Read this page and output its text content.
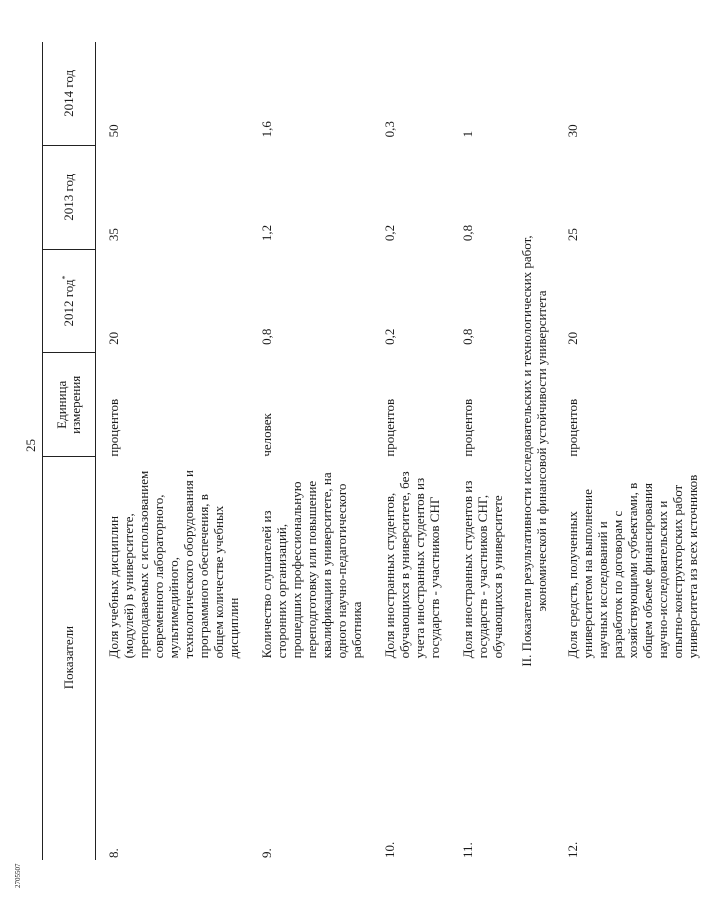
25
2705507
Показатели		Единица измерения	2012 год*	2013 год	2014 год
8.	Доля учебных дисциплин (модулей) в университете, преподаваемых с использованием современного лабораторного, мультимедийного, технологического оборудования и программного обеспечения, в общем количестве учебных дисциплин	процентов	20	35	50
9.	Количество слушателей из сторонних организаций, прошедших профессиональную переподготовку или повышение квалификации в университете, на одного научно-педагогического работника	человек	0,8	1,2	1,6
10.	Доля иностранных студентов, обучающихся в университете, без учета иностранных студентов из государств - участников СНГ	процентов	0,2	0,2	0,3
11.	Доля иностранных студентов из государств - участников СНГ, обучающихся в университете	процентов	0,8	0,8	1

II. Показатели результативности исследовательских и технологических работ, экономической и финансовой устойчивости университета					

12.	Доля средств, полученных университетом на выполнение научных исследований и разработок по договорам с хозяйствующими субъектами, в общем объеме финансирования научно-исследовательских и опытно-конструкторских работ университета из всех источников	процентов	20	25	30
